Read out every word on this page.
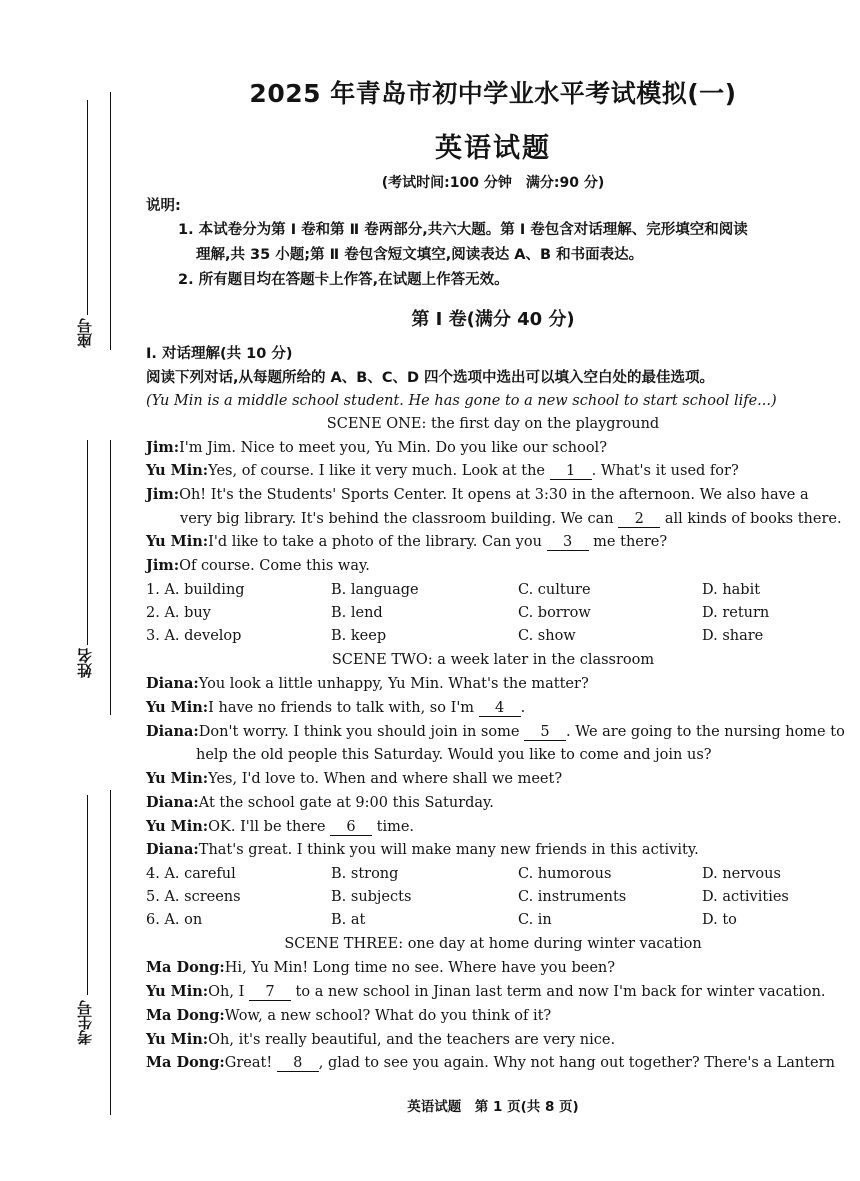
座号
姓名
考生号
2025 年青岛市初中学业水平考试模拟(一)
英语试题
(考试时间:100 分钟　满分:90 分)
说明:
1. 本试卷分为第 Ⅰ 卷和第 Ⅱ 卷两部分,共六大题。第 Ⅰ 卷包含对话理解、完形填空和阅读
理解,共 35 小题;第 Ⅱ 卷包含短文填空,阅读表达 A、B 和书面表达。
2. 所有题目均在答题卡上作答,在试题上作答无效。
第 Ⅰ 卷(满分 40 分)
Ⅰ. 对话理解(共 10 分)
阅读下列对话,从每题所给的 A、B、C、D 四个选项中选出可以填入空白处的最佳选项。
(Yu Min is a middle school student. He has gone to a new school to start school life...)
SCENE ONE: the first day on the playground
Jim:I'm Jim. Nice to meet you, Yu Min. Do you like our school?
Yu Min:Yes, of course. I like it very much. Look at the 1 . What's it used for?
Jim:Oh! It's the Students' Sports Center. It opens at 3:30 in the afternoon. We also have a
very big library. It's behind the classroom building. We can 2 all kinds of books there.
Yu Min:I'd like to take a photo of the library. Can you 3 me there?
Jim:Of course. Come this way.
1. A. building	B. language	C. culture	D. habit
2. A. buy	B. lend	C. borrow	D. return
3. A. develop	B. keep	C. show	D. share
SCENE TWO: a week later in the classroom
Diana:You look a little unhappy, Yu Min. What's the matter?
Yu Min:I have no friends to talk with, so I'm 4 .
Diana:Don't worry. I think you should join in some 5 . We are going to the nursing home to
help the old people this Saturday. Would you like to come and join us?
Yu Min:Yes, I'd love to. When and where shall we meet?
Diana:At the school gate at 9:00 this Saturday.
Yu Min:OK. I'll be there 6 time.
Diana:That's great. I think you will make many new friends in this activity.
4. A. careful	B. strong	C. humorous	D. nervous
5. A. screens	B. subjects	C. instruments	D. activities
6. A. on	B. at	C. in	D. to
SCENE THREE: one day at home during winter vacation
Ma Dong:Hi, Yu Min! Long time no see. Where have you been?
Yu Min:Oh, I 7 to a new school in Jinan last term and now I'm back for winter vacation.
Ma Dong:Wow, a new school? What do you think of it?
Yu Min:Oh, it's really beautiful, and the teachers are very nice.
Ma Dong:Great! 8 , glad to see you again. Why not hang out together? There's a Lantern
英语试题　第 1 页(共 8 页)
